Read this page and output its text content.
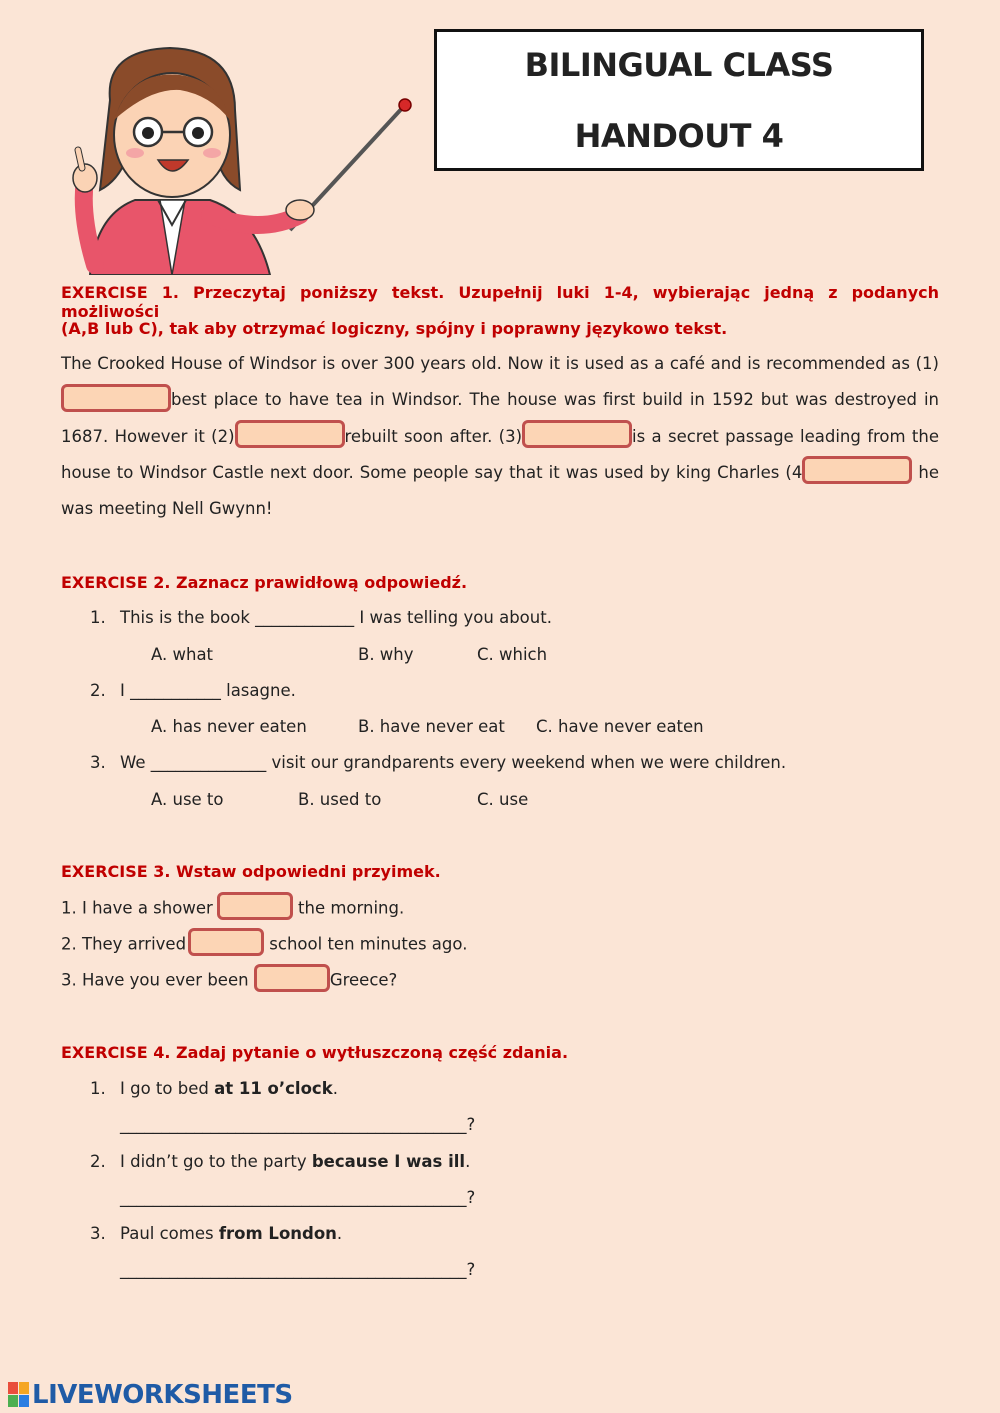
BILINGUAL CLASS
HANDOUT 4
EXERCISE 1. Przeczytaj poniższy tekst. Uzupełnij luki 1-4, wybierając jedną z podanych możliwości
(A,B lub C), tak aby otrzymać logiczny, spójny i poprawny językowo tekst.
The Crooked House of Windsor is over 300 years old. Now it is used as a café and is recommended as (1)best place to have tea in Windsor. The house was first build in 1592 but was destroyed in 1687. However it (2)	rebuilt soon after. (3)	is a secret passage leading from the house to Windsor Castle next door. Some people say that it was used by king Charles (4	he was meeting Nell Gwynn!
EXERCISE 2. Zaznacz prawidłową odpowiedź.
1. This is the book ____________ I was telling you about.
A. what	B. why	C. which
2. I ___________ lasagne.
A. has never eaten	B. have never eat C. have never eaten
3. We ______________ visit our grandparents every weekend when we were children.
A. use to	B. used to	C. use
EXERCISE 3. Wstaw odpowiedni przyimek.
1. I have a shower	the morning.
2. They arrived	school ten minutes ago.
3. Have you ever been	Greece?
EXERCISE 4. Zadaj pytanie o wytłuszczoną część zdania.
1. I go to bed at 11 o’clock.
__________________________________________?
2. I didn’t go to the party because I was ill.
__________________________________________?
3. Paul comes from London.
__________________________________________?
LIVEWORKSHEETS
